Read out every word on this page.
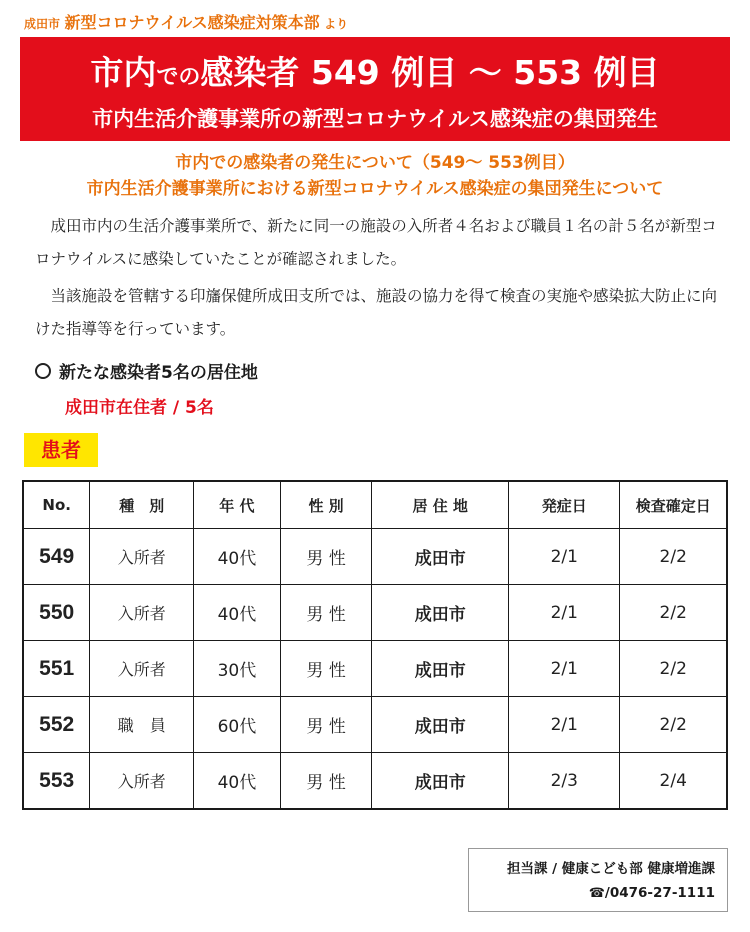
成田市 新型コロナウイルス感染症対策本部 より
市内での感染者 549 例目 ～ 553 例目
市内生活介護事業所の新型コロナウイルス感染症の集団発生
市内での感染者の発生について（549～ 553例目）
市内生活介護事業所における新型コロナウイルス感染症の集団発生について
　成田市内の生活介護事業所で、新たに同一の施設の入所者４名および職員１名の計５名が新型コロナウイルスに感染していたことが確認されました。
　当該施設を管轄する印旛保健所成田支所では、施設の協力を得て検査の実施や感染拡大防止に向けた指導等を行っています。
新たな感染者5名の居住地
成田市在住者 / 5名
患者
No.	種　別	年 代	性 別	居 住 地	発症日	検査確定日
549	入所者	40代	男 性	成田市	2/1	2/2
550	入所者	40代	男 性	成田市	2/1	2/2
551	入所者	30代	男 性	成田市	2/1	2/2
552	職　員	60代	男 性	成田市	2/1	2/2
553	入所者	40代	男 性	成田市	2/3	2/4
担当課 / 健康こども部 健康増進課
☎/0476-27-1111
